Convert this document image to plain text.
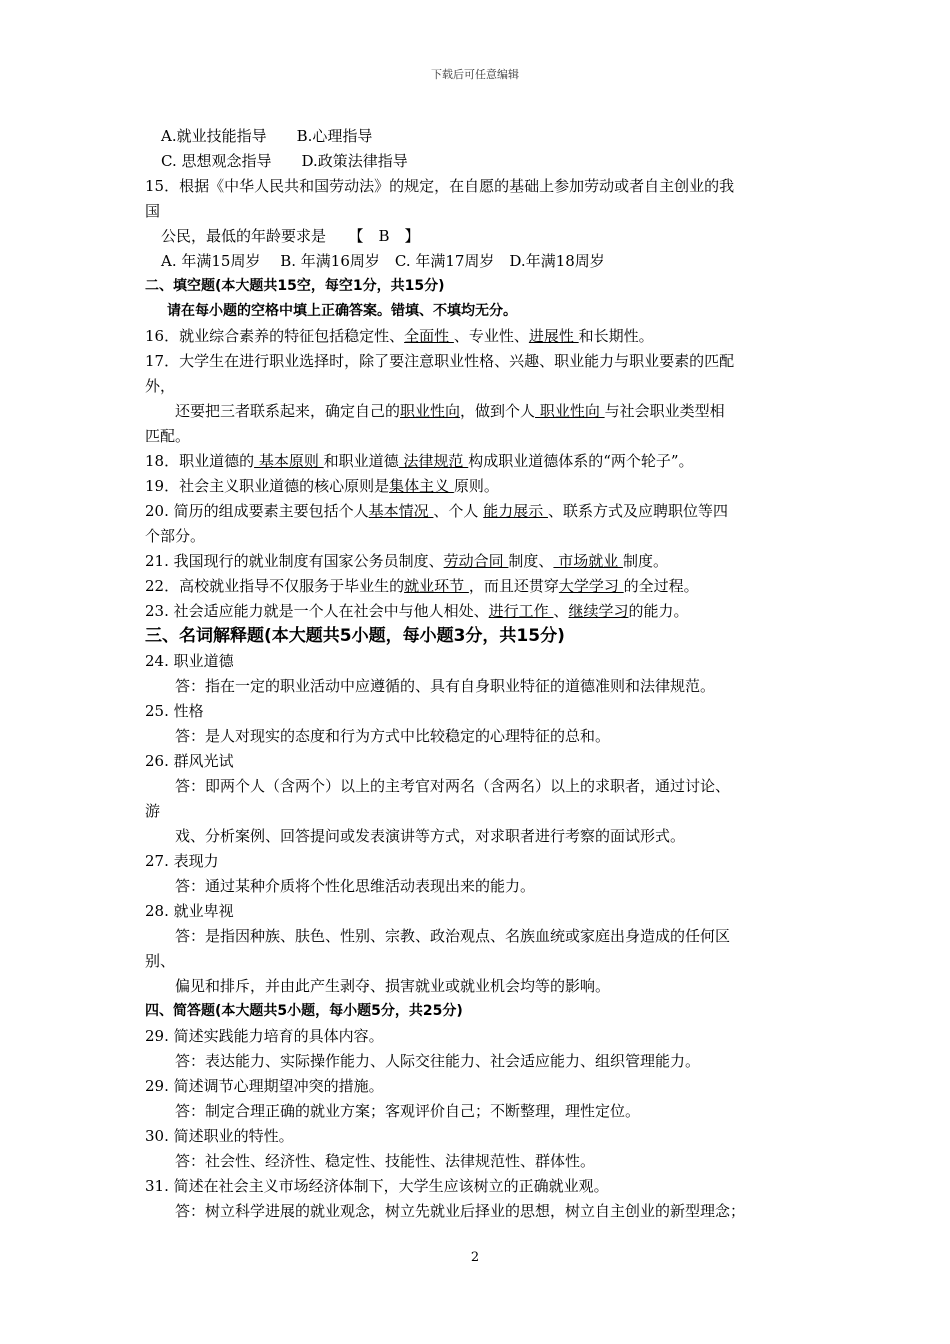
下载后可任意编辑
A.就业技能指导　　B.心理指导
C. 思想观念指导　　D.政策法律指导
15．根据《中华人民共和国劳动法》的规定，在自愿的基础上参加劳动或者自主创业的我
国
公民，最低的年龄要求是　　【　B　】
A. 年满15周岁　 B. 年满16周岁　C. 年满17周岁　D.年满18周岁
二、填空题(本大题共15空，每空1分，共15分)
请在每小题的空格中填上正确答案。错填、不填均无分。
16．就业综合素养的特征包括稳定性、全面性 、专业性、进展性 和长期性。
17．大学生在进行职业选择时，除了要注意职业性格、兴趣、职业能力与职业要素的匹配
外，
还要把三者联系起来，确定自己的职业性向，做到个人 职业性向 与社会职业类型相
匹配。
18．职业道德的 基本原则 和职业道德 法律规范 构成职业道德体系的“两个轮子”。
19．社会主义职业道德的核心原则是集体主义 原则。
20. 简历的组成要素主要包括个人基本情况 、个人 能力展示 、联系方式及应聘职位等四
个部分。
21. 我国现行的就业制度有国家公务员制度、劳动合同 制度、 市场就业 制度。
22．高校就业指导不仅服务于毕业生的就业环节 ，而且还贯穿大学学习 的全过程。
23. 社会适应能力就是一个人在社会中与他人相处、进行工作 、继续学习的能力。
三、名词解释题(本大题共5小题，每小题3分，共15分)
24. 职业道德
答：指在一定的职业活动中应遵循的、具有自身职业特征的道德准则和法律规范。
25. 性格
答：是人对现实的态度和行为方式中比较稳定的心理特征的总和。
26. 群风光试
答：即两个人（含两个）以上的主考官对两名（含两名）以上的求职者，通过讨论、
游
戏、分析案例、回答提问或发表演讲等方式，对求职者进行考察的面试形式。
27. 表现力
答：通过某种介质将个性化思维活动表现出来的能力。
28. 就业卑视
答：是指因种族、肤色、性别、宗教、政治观点、名族血统或家庭出身造成的任何区
别、
偏见和排斥，并由此产生剥夺、损害就业或就业机会均等的影响。
四、简答题(本大题共5小题，每小题5分，共25分)
29. 简述实践能力培育的具体内容。
答：表达能力、实际操作能力、人际交往能力、社会适应能力、组织管理能力。
29. 简述调节心理期望冲突的措施。
答：制定合理正确的就业方案；客观评价自己；不断整理，理性定位。
30. 简述职业的特性。
答：社会性、经济性、稳定性、技能性、法律规范性、群体性。
31. 简述在社会主义市场经济体制下，大学生应该树立的正确就业观。
答：树立科学进展的就业观念，树立先就业后择业的思想，树立自主创业的新型理念；
2
